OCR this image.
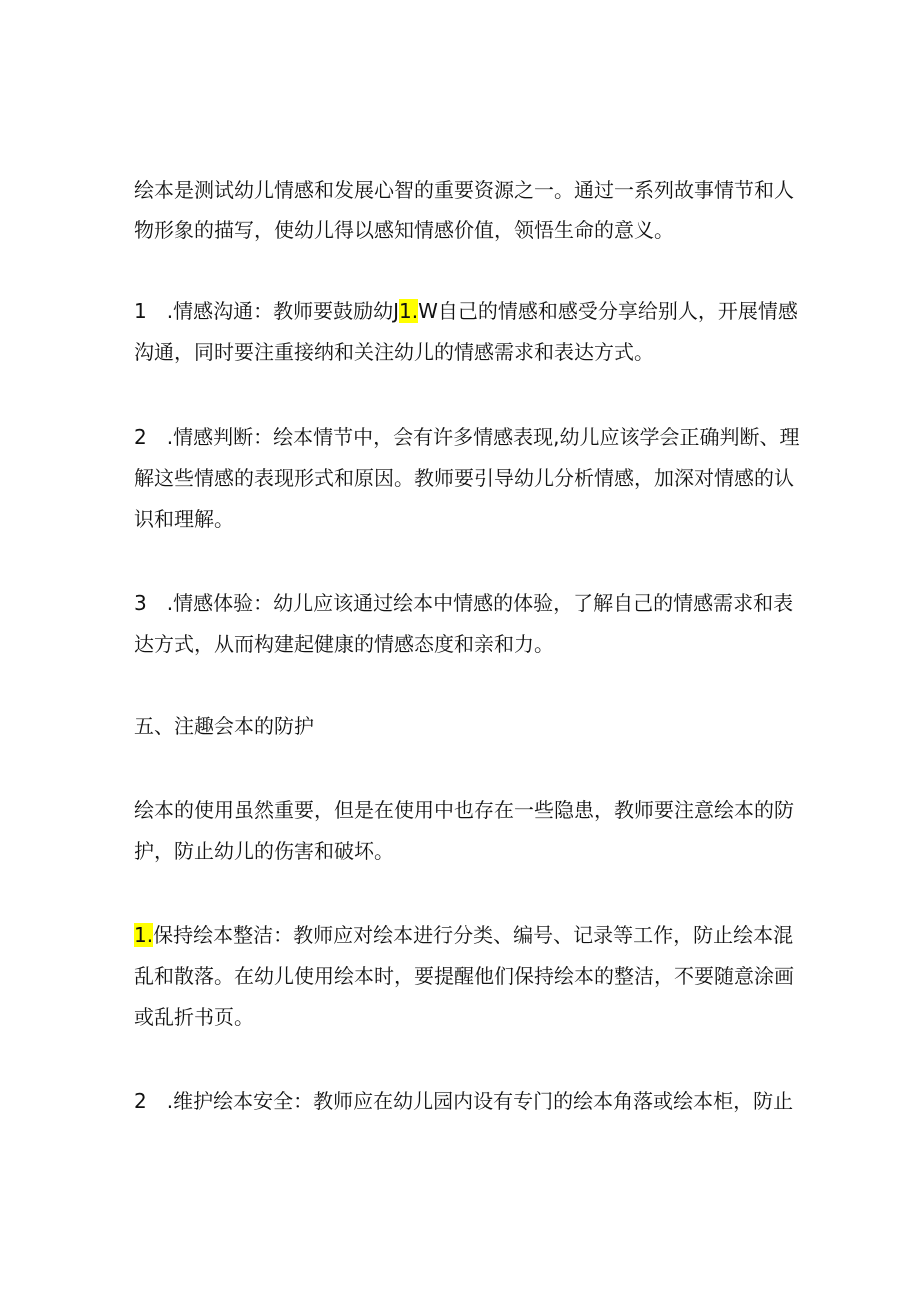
绘本是测试幼儿情感和发展心智的重要资源之一。通过一系列故事情节和人
物形象的描写，使幼儿得以感知情感价值，领悟生命的意义。
1　.情感沟通：教师要鼓励幼J1.W自己的情感和感受分享给别人，开展情感
沟通，同时要注重接纳和关注幼儿的情感需求和表达方式。
2　.情感判断：绘本情节中，会有许多情感表现,幼儿应该学会正确判断、理
解这些情感的表现形式和原因。教师要引导幼儿分析情感，加深对情感的认
识和理解。
3　.情感体验：幼儿应该通过绘本中情感的体验，了解自己的情感需求和表
达方式，从而构建起健康的情感态度和亲和力。
五、注趣会本的防护
绘本的使用虽然重要，但是在使用中也存在一些隐患，教师要注意绘本的防
护，防止幼儿的伤害和破坏。
1.保持绘本整洁：教师应对绘本进行分类、编号、记录等工作，防止绘本混
乱和散落。在幼儿使用绘本时，要提醒他们保持绘本的整洁，不要随意涂画
或乱折书页。
2　.维护绘本安全：教师应在幼儿园内设有专门的绘本角落或绘本柜，防止
